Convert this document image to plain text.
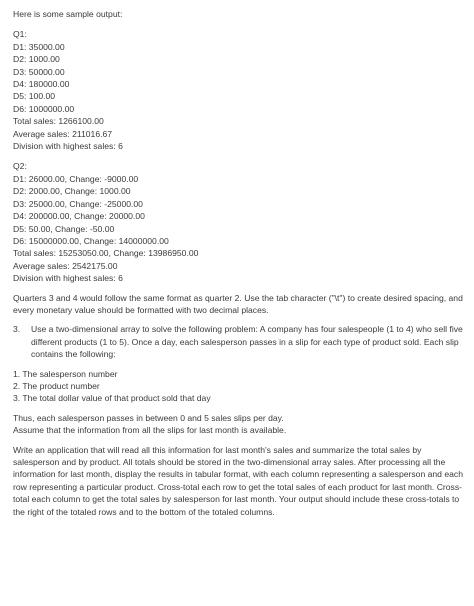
Here is some sample output:
Q1:
D1: 35000.00
D2: 1000.00
D3: 50000.00
D4: 180000.00
D5: 100.00
D6: 1000000.00
Total sales: 1266100.00
Average sales: 211016.67
Division with highest sales: 6
Q2:
D1: 26000.00, Change: -9000.00
D2: 2000.00, Change: 1000.00
D3: 25000.00, Change: -25000.00
D4: 200000.00, Change: 20000.00
D5: 50.00, Change: -50.00
D6: 15000000.00, Change: 14000000.00
Total sales: 15253050.00, Change: 13986950.00
Average sales: 2542175.00
Division with highest sales: 6

Quarters 3 and 4 would follow the same format as quarter 2. Use the tab character ("\t") to create desired spacing, and every monetary value should be formatted with two decimal places.

3.	Use a two-dimensional array to solve the following problem: A company has four salespeople (1 to 4) who sell five different products (1 to 5). Once a day, each salesperson passes in a slip for each type of product sold. Each slip contains the following:
1. The salesperson number
2. The product number
3. The total dollar value of that product sold that day
Thus, each salesperson passes in between 0 and 5 sales slips per day.
Assume that the information from all the slips for last month is available.

Write an application that will read all this information for last month's sales and summarize the total sales by salesperson and by product. All totals should be stored in the two-dimensional array sales. After processing all the information for last month, display the results in tabular format, with each column representing a salesperson and each row representing a particular product. Cross-total each row to get the total sales of each product for last month. Cross-total each column to get the total sales by salesperson for last month. Your output should include these cross-totals to the right of the totaled rows and to the bottom of the totaled columns.
